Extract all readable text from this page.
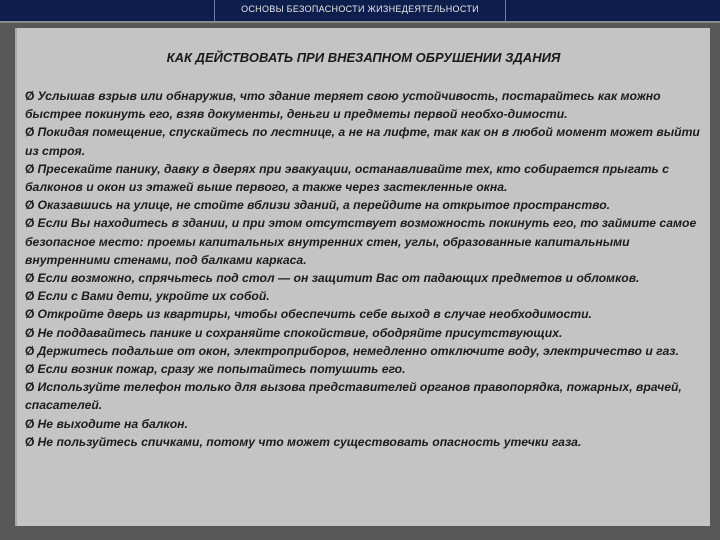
ОСНОВЫ БЕЗОПАСНОСТИ ЖИЗНЕДЕЯТЕЛЬНОСТИ
КАК ДЕЙСТВОВАТЬ ПРИ ВНЕЗАПНОМ ОБРУШЕНИИ ЗДАНИЯ
Ø Услышав взрыв или обнаружив, что здание теряет свою устойчивость, постарайтесь как можно быстрее покинуть его, взяв документы, деньги и предметы первой необхо-димости.
Ø Покидая помещение, спускайтесь по лестнице, а не на лифте, так как он в любой момент может выйти из строя.
Ø Пресекайте панику, давку в дверях при эвакуации, останавливайте тех, кто собирается прыгать с балконов и окон из этажей выше первого, а также через застекленные окна.
Ø Оказавшись на улице, не стойте вблизи зданий, а перейдите на открытое пространство.
Ø Если Вы находитесь в здании, и при этом отсутствует возможность покинуть его, то займите самое безопасное место: проемы капитальных внутренних стен, углы, образованные капитальными внутренними стенами, под балками каркаса.
Ø Если возможно, спрячьтесь под стол — он защитит Вас от падающих предметов и обломков.
Ø Если с Вами дети, укройте их собой.
Ø Откройте дверь из квартиры, чтобы обеспечить себе выход в случае необходимости.
Ø Не поддавайтесь панике и сохраняйте спокойствие, ободряйте присутствующих.
Ø Держитесь подальше от окон, электроприборов, немедленно отключите воду, электричество и газ.
Ø Если возник пожар, сразу же попытайтесь потушить его.
Ø Используйте телефон только для вызова представителей органов правопорядка, пожарных, врачей, спасателей.
Ø Не выходите на балкон.
Ø Не пользуйтесь спичками, потому что может существовать опасность утечки газа.
